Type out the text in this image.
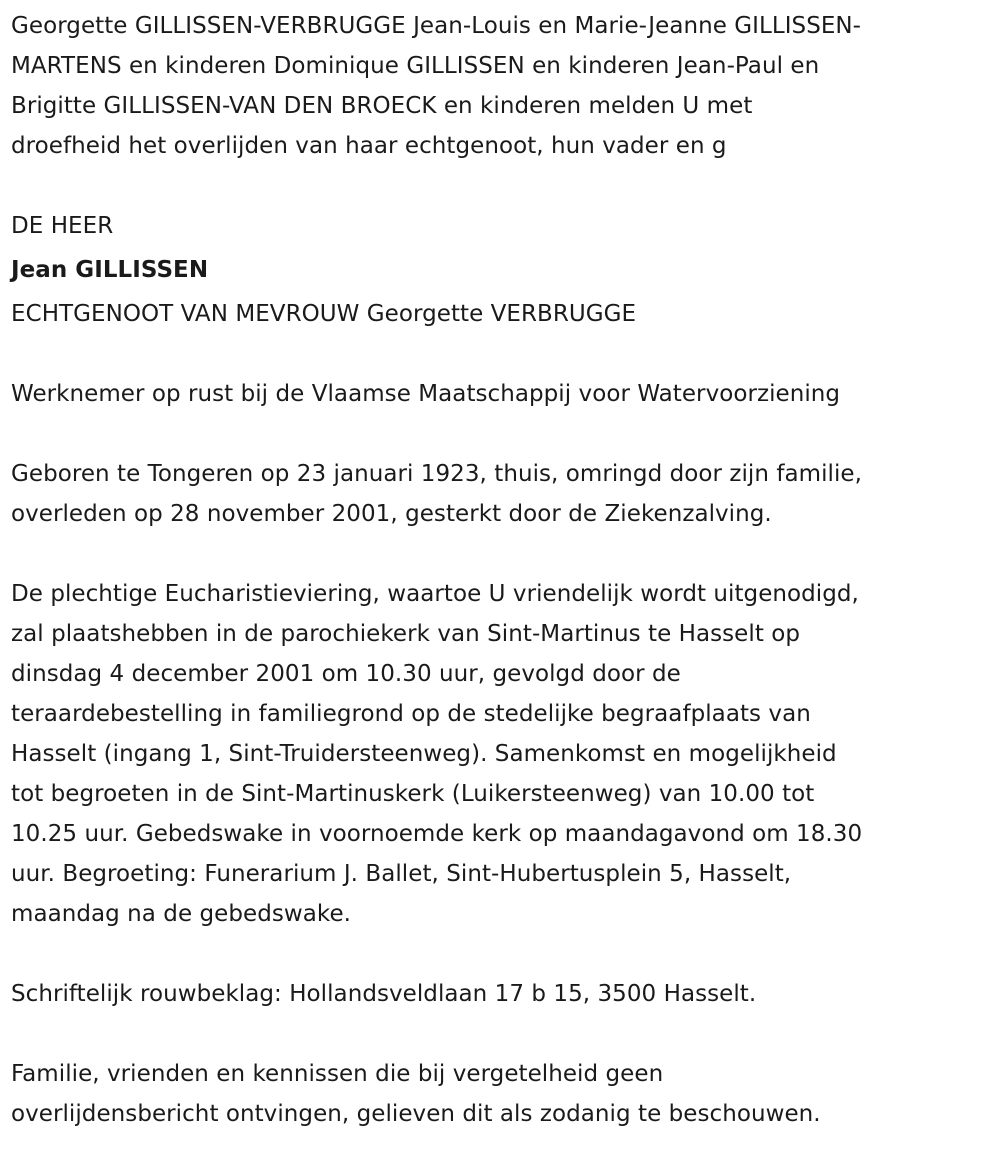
Georgette GILLISSEN-VERBRUGGE Jean-Louis en Marie-Jeanne GILLISSEN-
MARTENS en kinderen Dominique GILLISSEN en kinderen Jean-Paul en
Brigitte GILLISSEN-VAN DEN BROECK en kinderen melden U met
droefheid het overlijden van haar echtgenoot, hun vader en g
DE HEER
Jean GILLISSEN
ECHTGENOOT VAN MEVROUW Georgette VERBRUGGE
Werknemer op rust bij de Vlaamse Maatschappij voor Watervoorziening
Geboren te Tongeren op 23 januari 1923, thuis, omringd door zijn familie,
overleden op 28 november 2001, gesterkt door de Ziekenzalving.
De plechtige Eucharistieviering, waartoe U vriendelijk wordt uitgenodigd,
zal plaatshebben in de parochiekerk van Sint-Martinus te Hasselt op
dinsdag 4 december 2001 om 10.30 uur, gevolgd door de
teraardebestelling in familiegrond op de stedelijke begraafplaats van
Hasselt (ingang 1, Sint-Truidersteenweg). Samenkomst en mogelijkheid
tot begroeten in de Sint-Martinuskerk (Luikersteenweg) van 10.00 tot
10.25 uur. Gebedswake in voornoemde kerk op maandagavond om 18.30
uur. Begroeting: Funerarium J. Ballet, Sint-Hubertusplein 5, Hasselt,
maandag na de gebedswake.
Schriftelijk rouwbeklag: Hollandsveldlaan 17 b 15, 3500 Hasselt.
Familie, vrienden en kennissen die bij vergetelheid geen
overlijdensbericht ontvingen, gelieven dit als zodanig te beschouwen.
